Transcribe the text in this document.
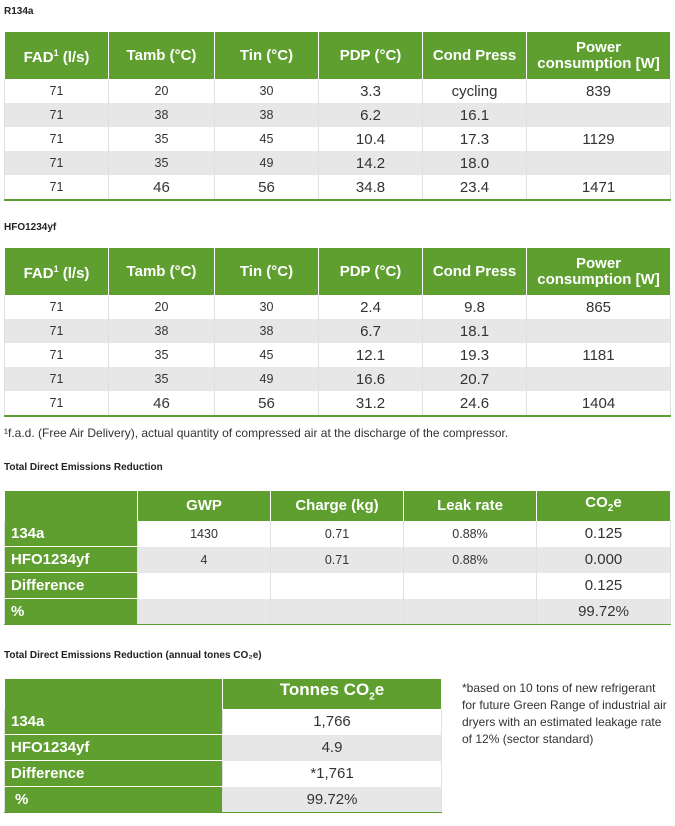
R134a
FAD$^1$ (l/s)	Tamb (°C)	Tin (°C)	PDP (°C)	Cond Press	Power
consumption [W]
71	20	30	3.3	cycling	839
71	38	38	6.2	16.1	
71	35	45	10.4	17.3	1129
71	35	49	14.2	18.0	
71	46	56	34.8	23.4	1471
HFO1234yf
FAD$^1$ (l/s)	Tamb (°C)	Tin (°C)	PDP (°C)	Cond Press	Power
consumption [W]
71	20	30	2.4	9.8	865
71	38	38	6.7	18.1	
71	35	45	12.1	19.3	1181
71	35	49	16.6	20.7	
71	46	56	31.2	24.6	1404
¹f.a.d. (Free Air Delivery), actual quantity of compressed air at the discharge of the compressor.
Total Direct Emissions Reduction
	GWP	Charge (kg)	Leak rate	$CO_2e$
134a	1430	0.71	0.88%	0.125
HFO1234yf	4	0.71	0.88%	0.000
Difference				0.125
%				99.72%
Total Direct Emissions Reduction (annual tones CO₂e)
	Tonnes $CO_2e$
134a	1,766
HFO1234yf	4.9
Difference	*1,761
%	99.72%
*based on 10 tons of new refrigerant for future Green Range of industrial air dryers with an estimated leakage rate of 12% (sector standard)
